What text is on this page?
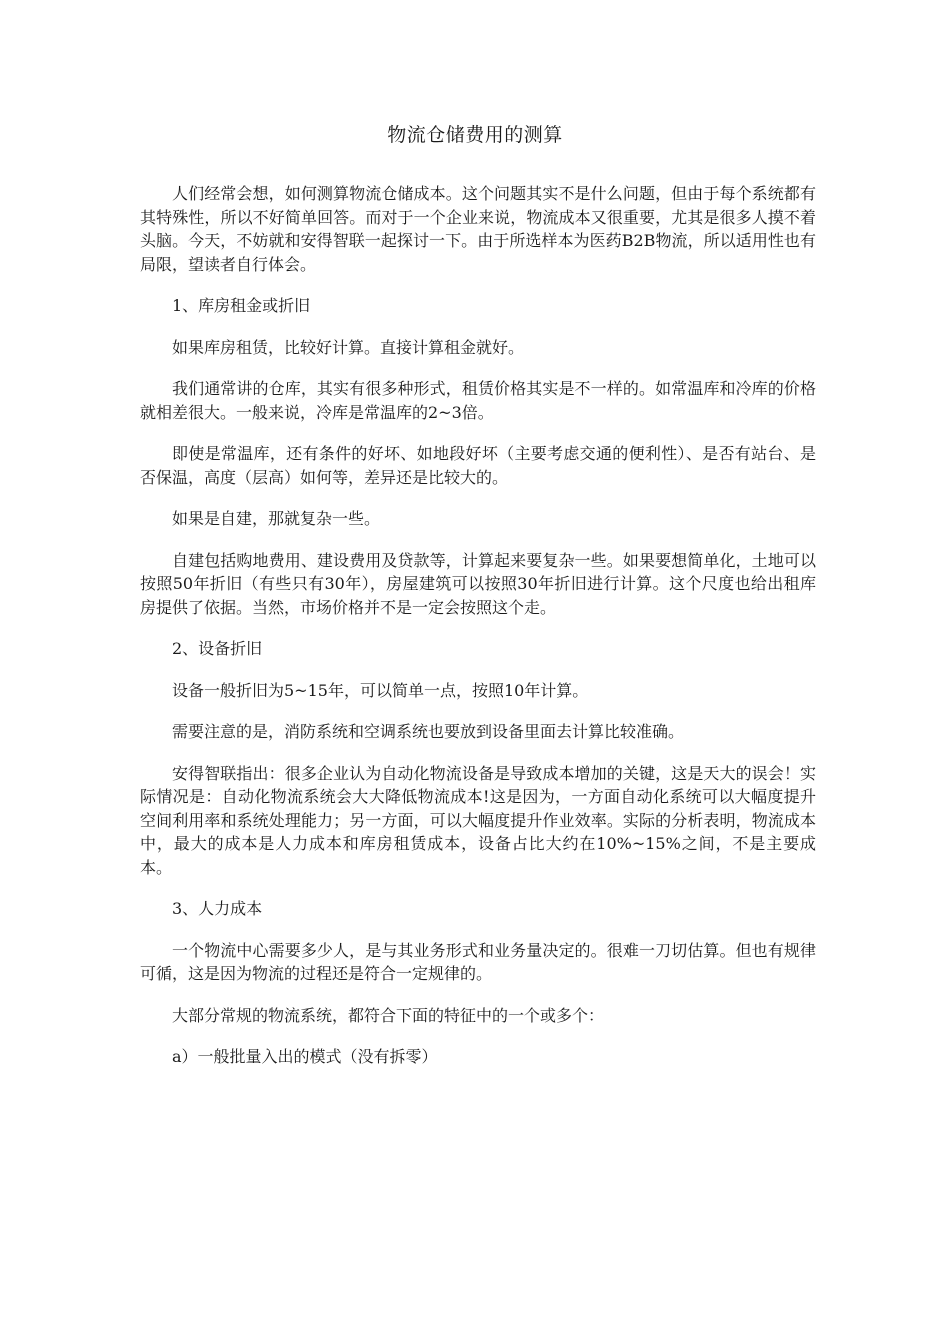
物流仓储费用的测算

人们经常会想，如何测算物流仓储成本。这个问题其实不是什么问题，但由于每个系统都有其特殊性，所以不好简单回答。而对于一个企业来说，物流成本又很重要，尤其是很多人摸不着头脑。今天，不妨就和安得智联一起探讨一下。由于所选样本为医药B2B物流，所以适用性也有局限，望读者自行体会。

1、库房租金或折旧

如果库房租赁，比较好计算。直接计算租金就好。

我们通常讲的仓库，其实有很多种形式，租赁价格其实是不一样的。如常温库和冷库的价格就相差很大。一般来说，冷库是常温库的2~3倍。

即使是常温库，还有条件的好坏、如地段好坏（主要考虑交通的便利性）、是否有站台、是否保温，高度（层高）如何等，差异还是比较大的。

如果是自建，那就复杂一些。

自建包括购地费用、建设费用及贷款等，计算起来要复杂一些。如果要想简单化，土地可以按照50年折旧（有些只有30年），房屋建筑可以按照30年折旧进行计算。这个尺度也给出租库房提供了依据。当然，市场价格并不是一定会按照这个走。

2、设备折旧

设备一般折旧为5~15年，可以简单一点，按照10年计算。

需要注意的是，消防系统和空调系统也要放到设备里面去计算比较准确。

安得智联指出：很多企业认为自动化物流设备是导致成本增加的关键，这是天大的误会！实际情况是：自动化物流系统会大大降低物流成本!这是因为，一方面自动化系统可以大幅度提升空间利用率和系统处理能力；另一方面，可以大幅度提升作业效率。实际的分析表明，物流成本中，最大的成本是人力成本和库房租赁成本，设备占比大约在10%~15%之间，不是主要成本。

3、人力成本

一个物流中心需要多少人，是与其业务形式和业务量决定的。很难一刀切估算。但也有规律可循，这是因为物流的过程还是符合一定规律的。

大部分常规的物流系统，都符合下面的特征中的一个或多个：

a）一般批量入出的模式（没有拆零）
